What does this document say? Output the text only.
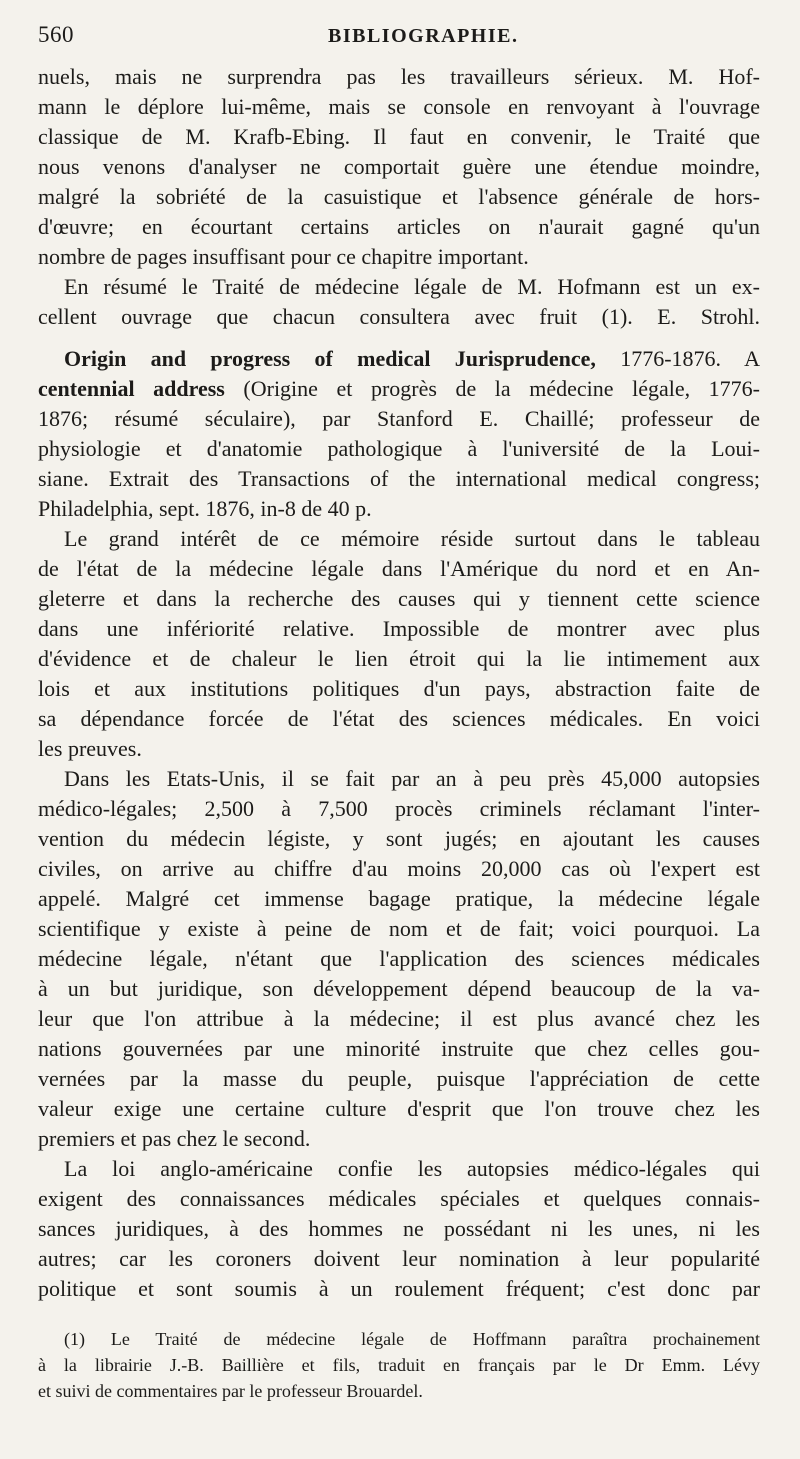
560	BIBLIOGRAPHIE.
nuels, mais ne surprendra pas les travailleurs sérieux. M. Hof-
mann le déplore lui-même, mais se console en renvoyant à l'ouvrage
classique de M. Krafb-Ebing. Il faut en convenir, le Traité que
nous venons d'analyser ne comportait guère une étendue moindre,
malgré la sobriété de la casuistique et l'absence générale de hors-
d'œuvre; en écourtant certains articles on n'aurait gagné qu'un
nombre de pages insuffisant pour ce chapitre important.
En résumé le Traité de médecine légale de M. Hofmann est un ex-
cellent ouvrage que chacun consultera avec fruit (1). E. Strohl.
Origin and progress of medical Jurisprudence, 1776-1876. A
centennial address (Origine et progrès de la médecine légale, 1776-
1876; résumé séculaire), par Stanford E. Chaillé; professeur de
physiologie et d'anatomie pathologique à l'université de la Loui-
siane. Extrait des Transactions of the international medical congress;
Philadelphia, sept. 1876, in-8 de 40 p.
Le grand intérêt de ce mémoire réside surtout dans le tableau
de l'état de la médecine légale dans l'Amérique du nord et en An-
gleterre et dans la recherche des causes qui y tiennent cette science
dans une infériorité relative. Impossible de montrer avec plus
d'évidence et de chaleur le lien étroit qui la lie intimement aux
lois et aux institutions politiques d'un pays, abstraction faite de
sa dépendance forcée de l'état des sciences médicales. En voici
les preuves.
Dans les Etats-Unis, il se fait par an à peu près 45,000 autopsies
médico-légales; 2,500 à 7,500 procès criminels réclamant l'inter-
vention du médecin légiste, y sont jugés; en ajoutant les causes
civiles, on arrive au chiffre d'au moins 20,000 cas où l'expert est
appelé. Malgré cet immense bagage pratique, la médecine légale
scientifique y existe à peine de nom et de fait; voici pourquoi. La
médecine légale, n'étant que l'application des sciences médicales
à un but juridique, son développement dépend beaucoup de la va-
leur que l'on attribue à la médecine; il est plus avancé chez les
nations gouvernées par une minorité instruite que chez celles gou-
vernées par la masse du peuple, puisque l'appréciation de cette
valeur exige une certaine culture d'esprit que l'on trouve chez les
premiers et pas chez le second.
La loi anglo-américaine confie les autopsies médico-légales qui
exigent des connaissances médicales spéciales et quelques connais-
sances juridiques, à des hommes ne possédant ni les unes, ni les
autres; car les coroners doivent leur nomination à leur popularité
politique et sont soumis à un roulement fréquent; c'est donc par
(1) Le Traité de médecine légale de Hoffmann paraîtra prochainement
à la librairie J.-B. Baillière et fils, traduit en français par le Dr Emm. Lévy
et suivi de commentaires par le professeur Brouardel.
